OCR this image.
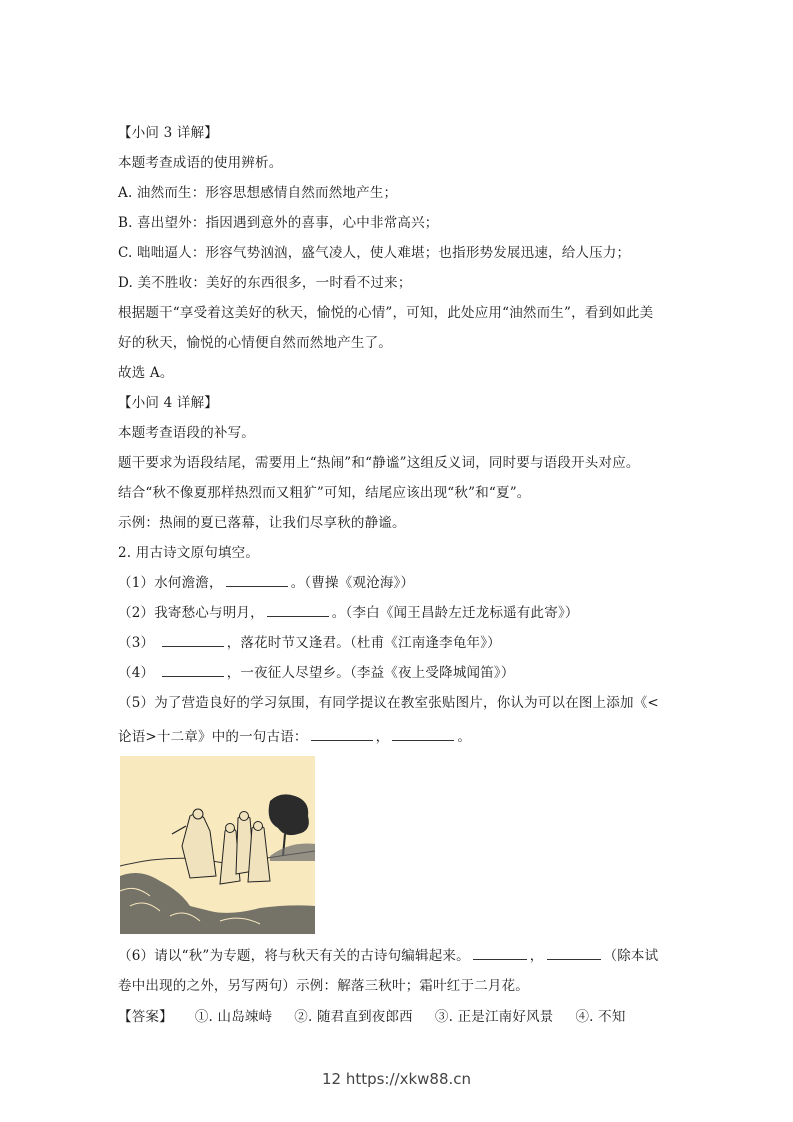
【小问 3 详解】
本题考查成语的使用辨析。
A. 油然而生：形容思想感情自然而然地产生；
B. 喜出望外：指因遇到意外的喜事，心中非常高兴；
C. 咄咄逼人：形容气势汹汹，盛气凌人，使人难堪；也指形势发展迅速，给人压力；
D. 美不胜收：美好的东西很多，一时看不过来；
根据题干“享受着这美好的秋天，愉悦的心情”，可知，此处应用“油然而生”，看到如此美
好的秋天，愉悦的心情便自然而然地产生了。
故选 A。
【小问 4 详解】
本题考查语段的补写。
题干要求为语段结尾，需要用上“热闹”和“静谧”这组反义词，同时要与语段开头对应。
结合“秋不像夏那样热烈而又粗犷”可知，结尾应该出现“秋”和“夏”。
示例：热闹的夏已落幕，让我们尽享秋的静谧。
2. 用古诗文原句填空。
（1）水何澹澹，	。（曹操《观沧海》）
（2）我寄愁心与明月，	。（李白《闻王昌龄左迁龙标遥有此寄》）
（3）	，落花时节又逢君。（杜甫《江南逢李龟年》）
（4）	，一夜征人尽望乡。（李益《夜上受降城闻笛》）
（5）为了营造良好的学习氛围，有同学提议在教室张贴图片，你认为可以在图上添加《<
论语>十二章》中的一句古语：	，	。
（6）请以“秋”为专题，将与秋天有关的古诗句编辑起来。	，	（除本试
卷中出现的之外，另写两句）示例：解落三秋叶；霜叶红于二月花。
【答案】 ①. 山岛竦峙 ②. 随君直到夜郎西 ③. 正是江南好风景 ④. 不知
12 https://xkw88.cn
